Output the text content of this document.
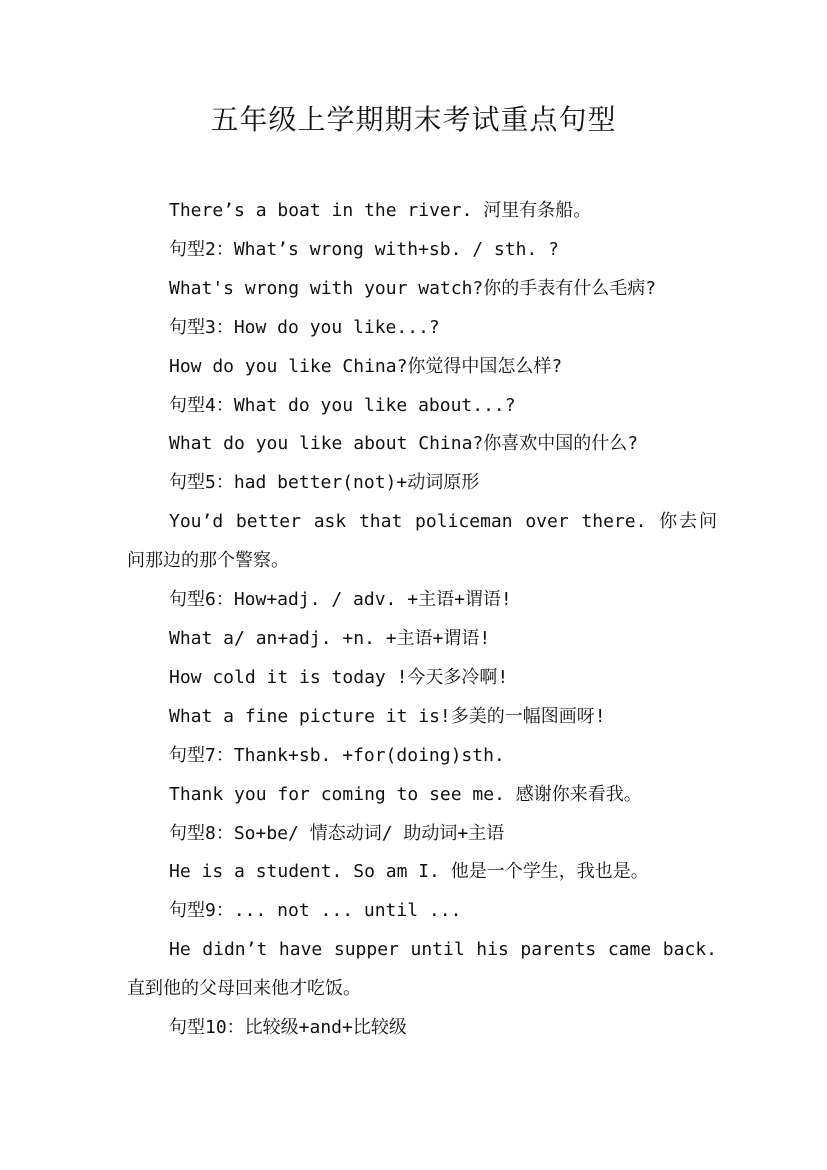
五年级上学期期末考试重点句型
There’s a boat in the river. 河里有条船。
句型2：What’s wrong with+sb. / sth. ?
What's wrong with your watch?你的手表有什么毛病?
句型3：How do you like...?
How do you like China?你觉得中国怎么样?
句型4：What do you like about...?
What do you like about China?你喜欢中国的什么?
句型5：had better(not)+动词原形
You’d better ask that policeman over there. 你去问问那边的那个警察。
句型6：How+adj. / adv. +主语+谓语!
What a/ an+adj. +n. +主语+谓语!
How cold it is today !今天多冷啊!
What a fine picture it is!多美的一幅图画呀!
句型7：Thank+sb. +for(doing)sth.
Thank you for coming to see me. 感谢你来看我。
句型8：So+be/ 情态动词/ 助动词+主语
He is a student. So am I. 他是一个学生，我也是。
句型9：... not ... until ...
He didn’t have supper until his parents came back. 直到他的父母回来他才吃饭。
句型10：比较级+and+比较级
